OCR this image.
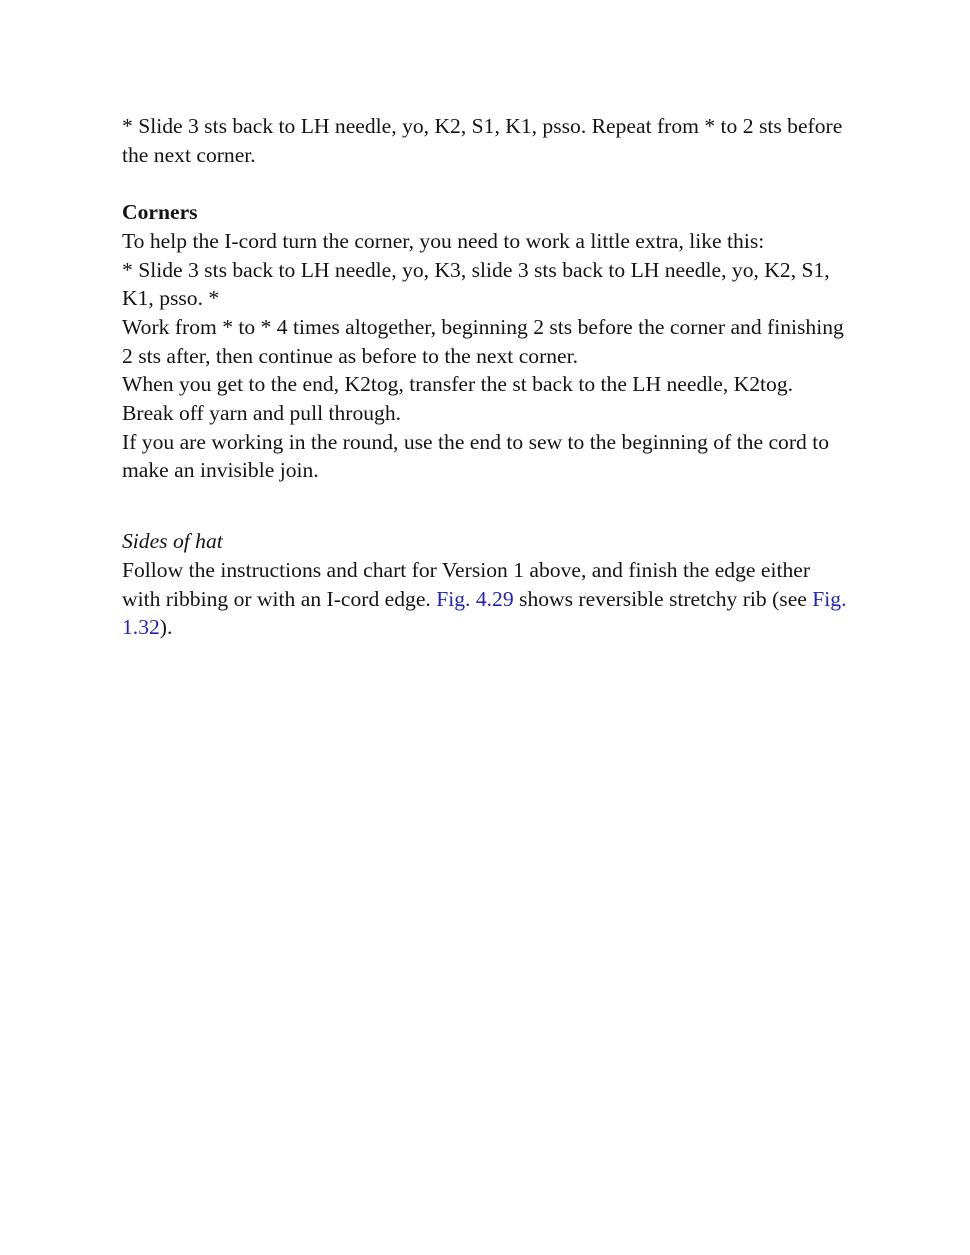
* Slide 3 sts back to LH needle, yo, K2, S1, K1, psso. Repeat from * to 2 sts before the next corner.

Corners

To help the I-cord turn the corner, you need to work a little extra, like this:

* Slide 3 sts back to LH needle, yo, K3, slide 3 sts back to LH needle, yo, K2, S1, K1, psso. *

Work from * to * 4 times altogether, beginning 2 sts before the corner and finishing 2 sts after, then continue as before to the next corner.

When you get to the end, K2tog, transfer the st back to the LH needle, K2tog. Break off yarn and pull through.

If you are working in the round, use the end to sew to the beginning of the cord to make an invisible join.

Sides of hat

Follow the instructions and chart for Version 1 above, and finish the edge either with ribbing or with an I-cord edge. Fig. 4.29 shows reversible stretchy rib (see Fig. 1.32).
